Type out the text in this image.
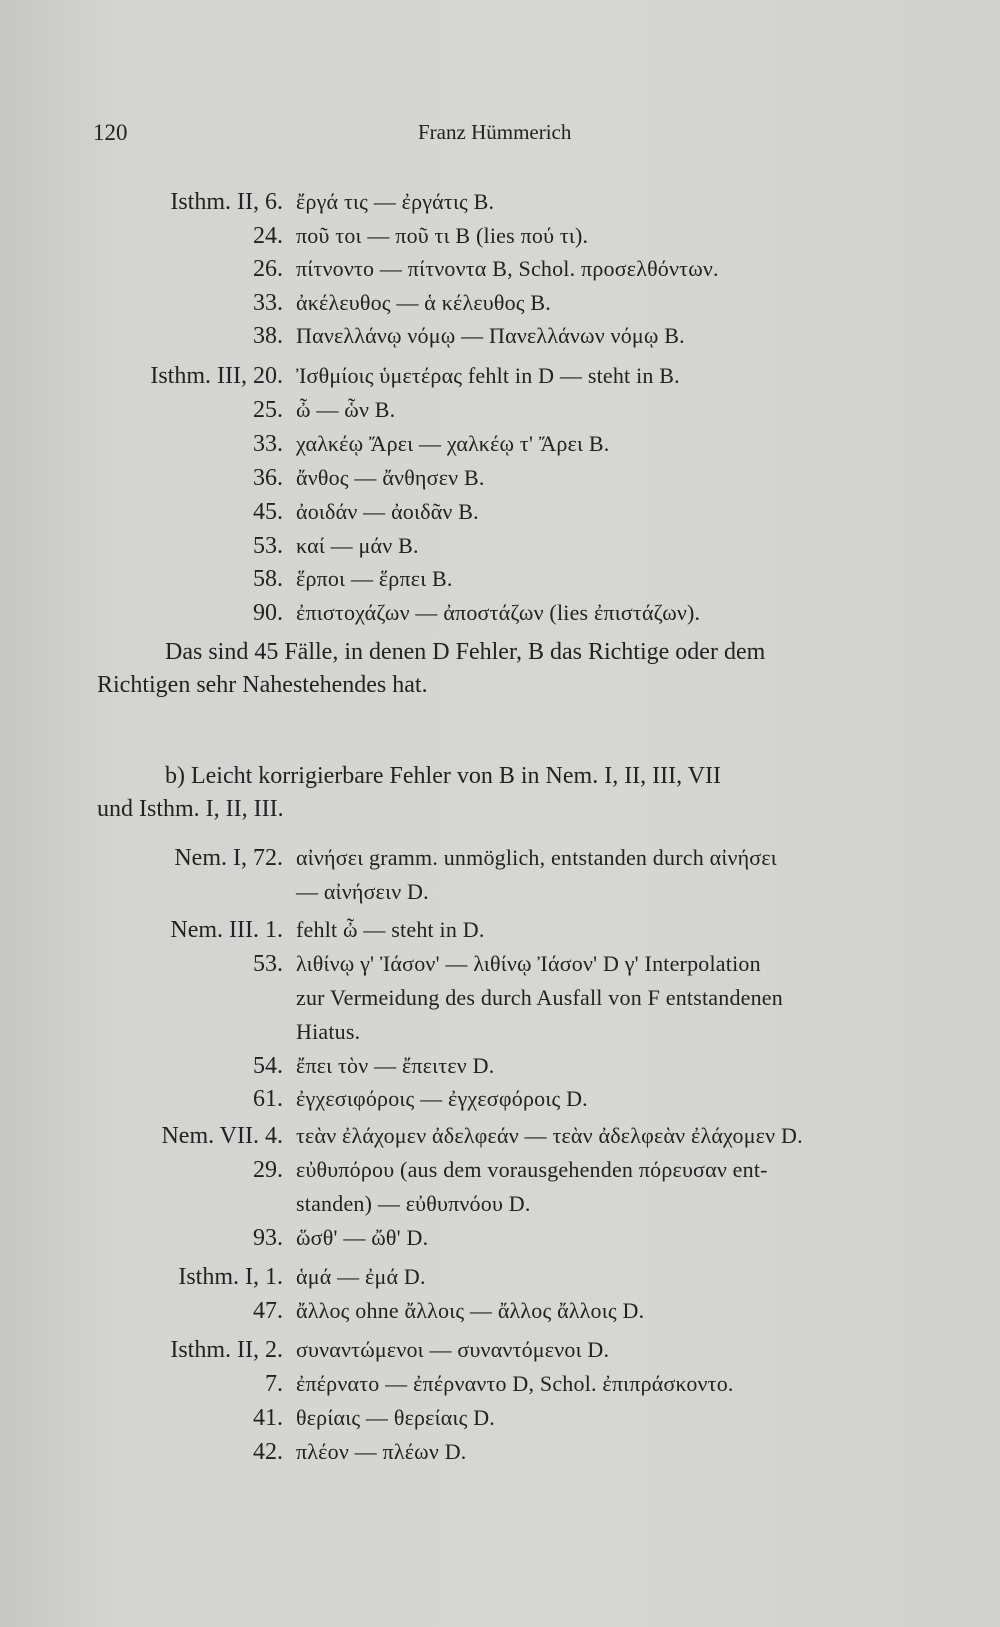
120	Franz Hümmerich
Isthm. II, 6. ἔργά τις — ἐργάτις B.
24. ποῦ τοι — ποῦ τι B (lies πού τι).
26. πίτνοντο — πίτνοντα B, Schol. προσελθόντων.
33. ἀκέλευθος — ἁ κέλευθος B.
38. Πανελλάνῳ νόμῳ — Πανελλάνων νόμῳ B.
Isthm. III, 20. Ἰσθμίοις ὑμετέρας fehlt in D — steht in B.
25. ὦ — ὧν B.
33. χαλκέῳ Ἄρει — χαλκέῳ τ' Ἄρει B.
36. ἄνθος — ἄνθησεν B.
45. ἀοιδάν — ἀοιδᾶν B.
53. καί — μάν B.
58. ἕρποι — ἕρπει B.
90. ἐπιστοχάζων — ἀποστάζων (lies ἐπιστάζων).
Das sind 45 Fälle, in denen D Fehler, B das Richtige oder dem
Richtigen sehr Nahestehendes hat.
b) Leicht korrigierbare Fehler von B in Nem. I, II, III, VII
und Isthm. I, II, III.
Nem. I, 72. αἰνήσει gramm. unmöglich, entstanden durch αἰνήσει
— αἰνήσειν D.
Nem. III. 1. fehlt ὦ — steht in D.
53. λιθίνῳ γ' Ἰάσον' — λιθίνῳ Ἰάσον' D γ' Interpolation
zur Vermeidung des durch Ausfall von F entstandenen
Hiatus.
54. ἔπει τὸν — ἔπειτεν D.
61. ἐγχεσιφόροις — ἐγχεσφόροις D.
Nem. VII. 4. τεὰν ἐλάχομεν ἀδελφεάν — τεὰν ἀδελφεὰν ἐλάχομεν D.
29. εὐθυπόρου (aus dem vorausgehenden πόρευσαν ent-
standen) — εὐθυπνόου D.
93. ὥσθ' — ὤθ' D.
Isthm. I, 1. ἁμά — ἐμά D.
47. ἄλλος ohne ἄλλοις — ἄλλος ἄλλοις D.
Isthm. II, 2. συναντώμενοι — συναντόμενοι D.
7. ἐπέρνατο — ἐπέρναντο D, Schol. ἐπιπράσκοντο.
41. θερίαις — θερείαις D.
42. πλέον — πλέων D.
